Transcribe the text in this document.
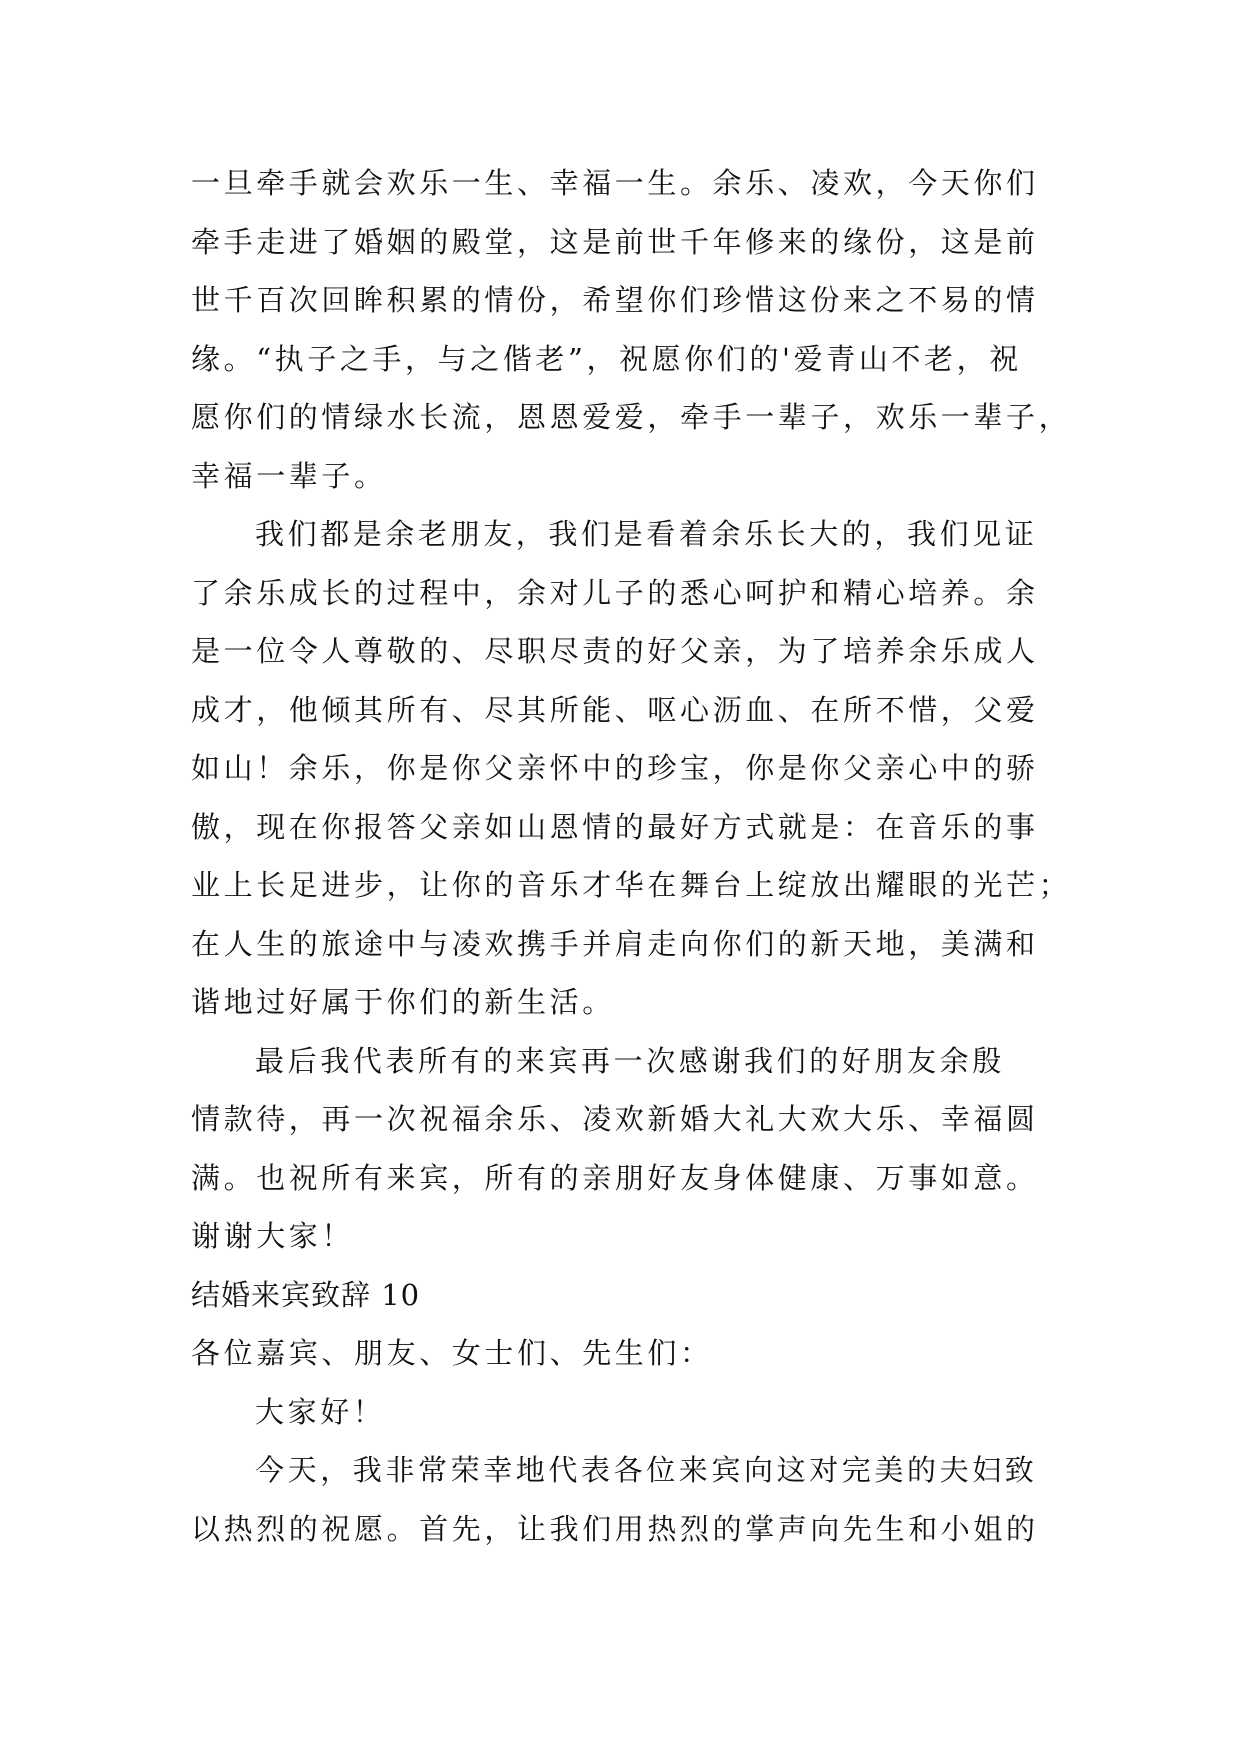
一旦牵手就会欢乐一生、幸福一生。余乐、凌欢，今天你们
牵手走进了婚姻的殿堂，这是前世千年修来的缘份，这是前
世千百次回眸积累的情份，希望你们珍惜这份来之不易的情
缘。“执子之手，与之偕老”，祝愿你们的'爱青山不老，祝
愿你们的情绿水长流，恩恩爱爱，牵手一辈子，欢乐一辈子，
幸福一辈子。
我们都是余老朋友，我们是看着余乐长大的，我们见证
了余乐成长的过程中，余对儿子的悉心呵护和精心培养。余
是一位令人尊敬的、尽职尽责的好父亲，为了培养余乐成人
成才，他倾其所有、尽其所能、呕心沥血、在所不惜，父爱
如山！余乐，你是你父亲怀中的珍宝，你是你父亲心中的骄
傲，现在你报答父亲如山恩情的最好方式就是：在音乐的事
业上长足进步，让你的音乐才华在舞台上绽放出耀眼的光芒；
在人生的旅途中与凌欢携手并肩走向你们的新天地，美满和
谐地过好属于你们的新生活。
最后我代表所有的来宾再一次感谢我们的好朋友余殷
情款待，再一次祝福余乐、凌欢新婚大礼大欢大乐、幸福圆
满。也祝所有来宾，所有的亲朋好友身体健康、万事如意。
谢谢大家！
结婚来宾致辞 10
各位嘉宾、朋友、女士们、先生们：
大家好！
今天，我非常荣幸地代表各位来宾向这对完美的夫妇致
以热烈的祝愿。首先，让我们用热烈的掌声向先生和小姐的
